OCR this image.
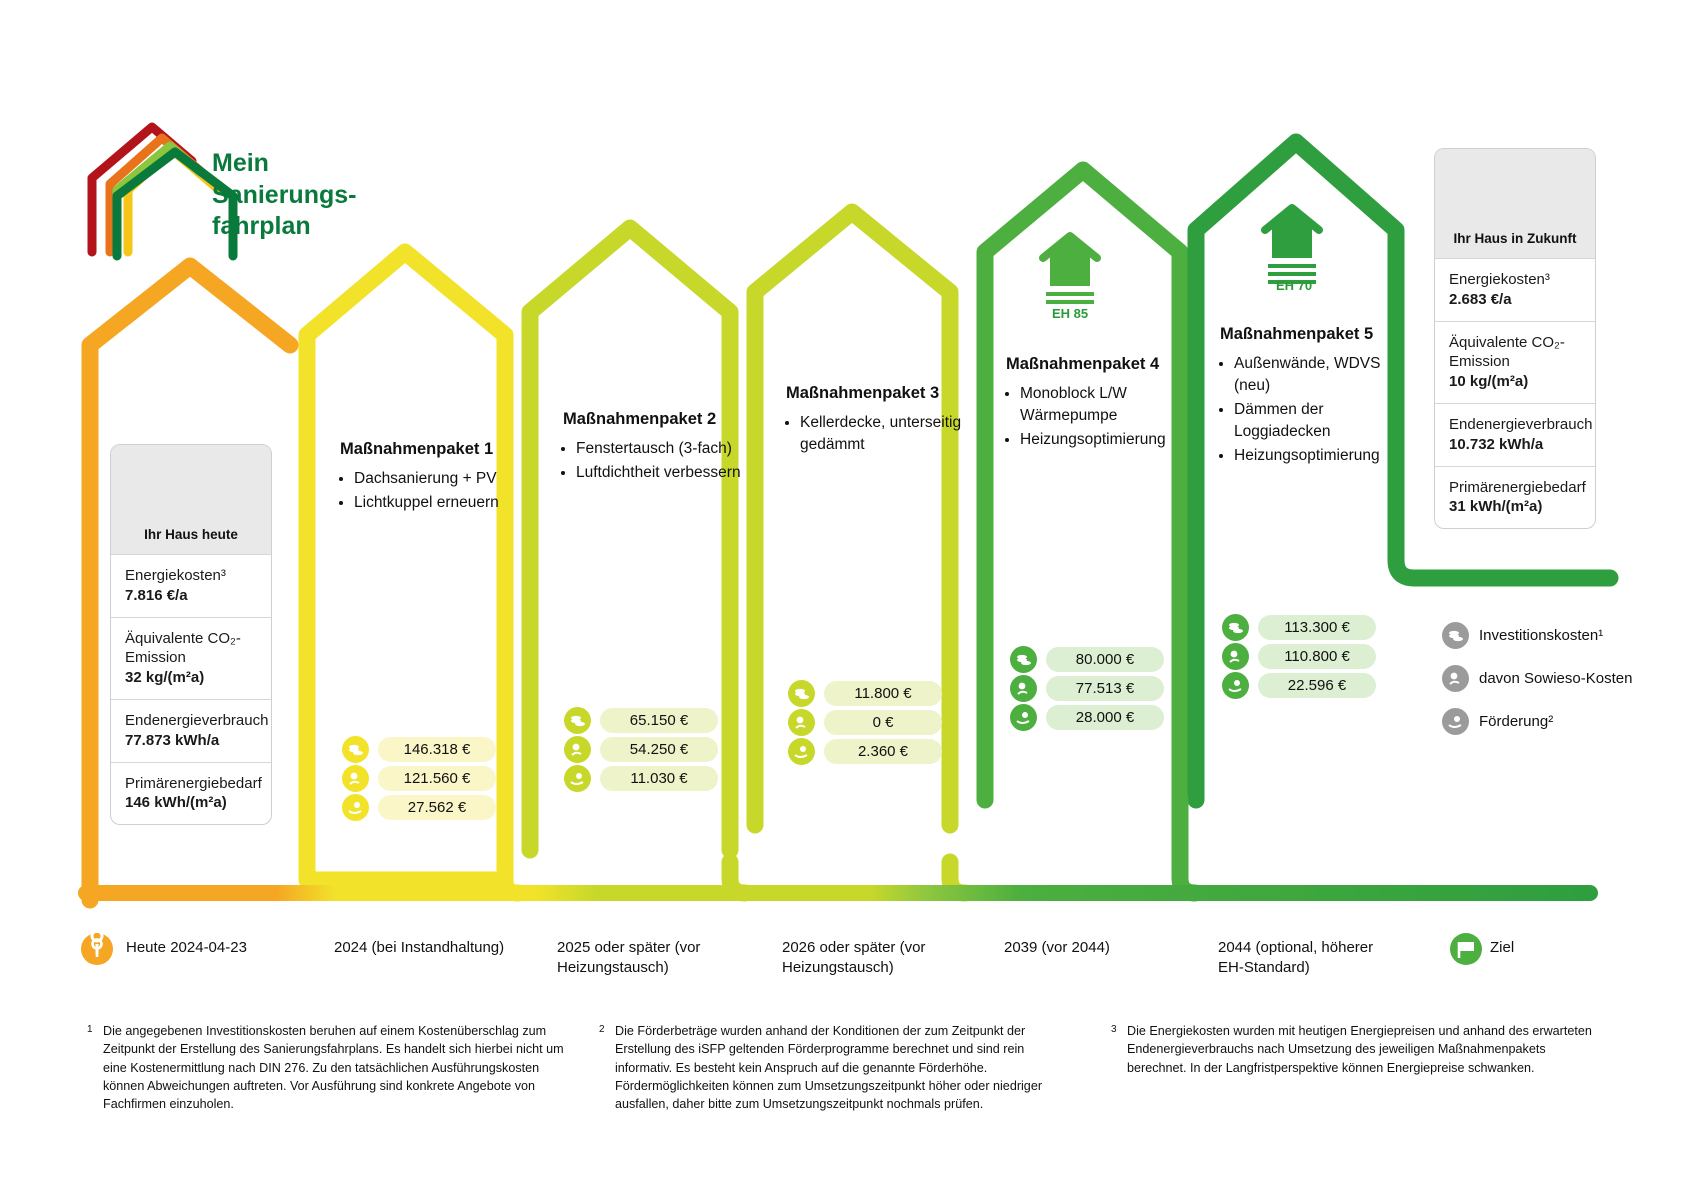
Mein
Sanierungs-
fahrplan
Ihr Haus heute
Energiekosten³
7.816 €/a
Äquivalente CO₂-Emission
32 kg/(m²a)
Endenergieverbrauch
77.873 kWh/a
Primärenergiebedarf
146 kWh/(m²a)
Ihr Haus in Zukunft
Energiekosten³
2.683 €/a
Äquivalente CO₂-Emission
10 kg/(m²a)
Endenergieverbrauch
10.732 kWh/a
Primärenergiebedarf
31 kWh/(m²a)
Maßnahmenpaket 1
• Dachsanierung + PV
• Lichtkuppel erneuern
146.318 €
121.560 €
27.562 €
Maßnahmenpaket 2
• Fenstertausch (3-fach)
• Luftdichtheit verbessern
65.150 €
54.250 €
11.030 €
Maßnahmenpaket 3
• Kellerdecke, unterseitig gedämmt
11.800 €
0 €
2.360 €
EH 85
Maßnahmenpaket 4
• Monoblock L/W Wärmepumpe
• Heizungsoptimierung
80.000 €
77.513 €
28.000 €
EH 70
Maßnahmenpaket 5
• Außenwände, WDVS (neu)
• Dämmen der Loggiadecken
• Heizungsoptimierung
113.300 €
110.800 €
22.596 €
Investitionskosten¹
davon Sowieso-Kosten
Förderung²
Heute 2024-04-23	2024 (bei Instandhaltung)	2025 oder später (vor Heizungstausch)
2026 oder später (vor Heizungstausch)
2039 (vor 2044)	2044 (optional, höherer EH-Standard)
Ziel
1 Die angegebenen Investitionskosten beruhen auf einem Kostenüberschlag zum Zeitpunkt der Erstellung des Sanierungsfahrplans. Es handelt sich hierbei nicht um eine Kostenermittlung nach DIN 276. Zu den tatsächlichen Ausführungskosten können Abweichungen auftreten. Vor Ausführung sind konkrete Angebote von Fachfirmen einzuholen.
2 Die Förderbeträge wurden anhand der Konditionen der zum Zeitpunkt der Erstellung des iSFP geltenden Förderprogramme berechnet und sind rein informativ. Es besteht kein Anspruch auf die genannte Förderhöhe. Fördermöglichkeiten können zum Umsetzungszeitpunkt höher oder niedriger ausfallen, daher bitte zum Umsetzungszeitpunkt nochmals prüfen.
3 Die Energiekosten wurden mit heutigen Energiepreisen und anhand des erwarteten Endenergieverbrauchs nach Umsetzung des jeweiligen Maßnahmenpakets berechnet. In der Langfristperspektive können Energiepreise schwanken.
